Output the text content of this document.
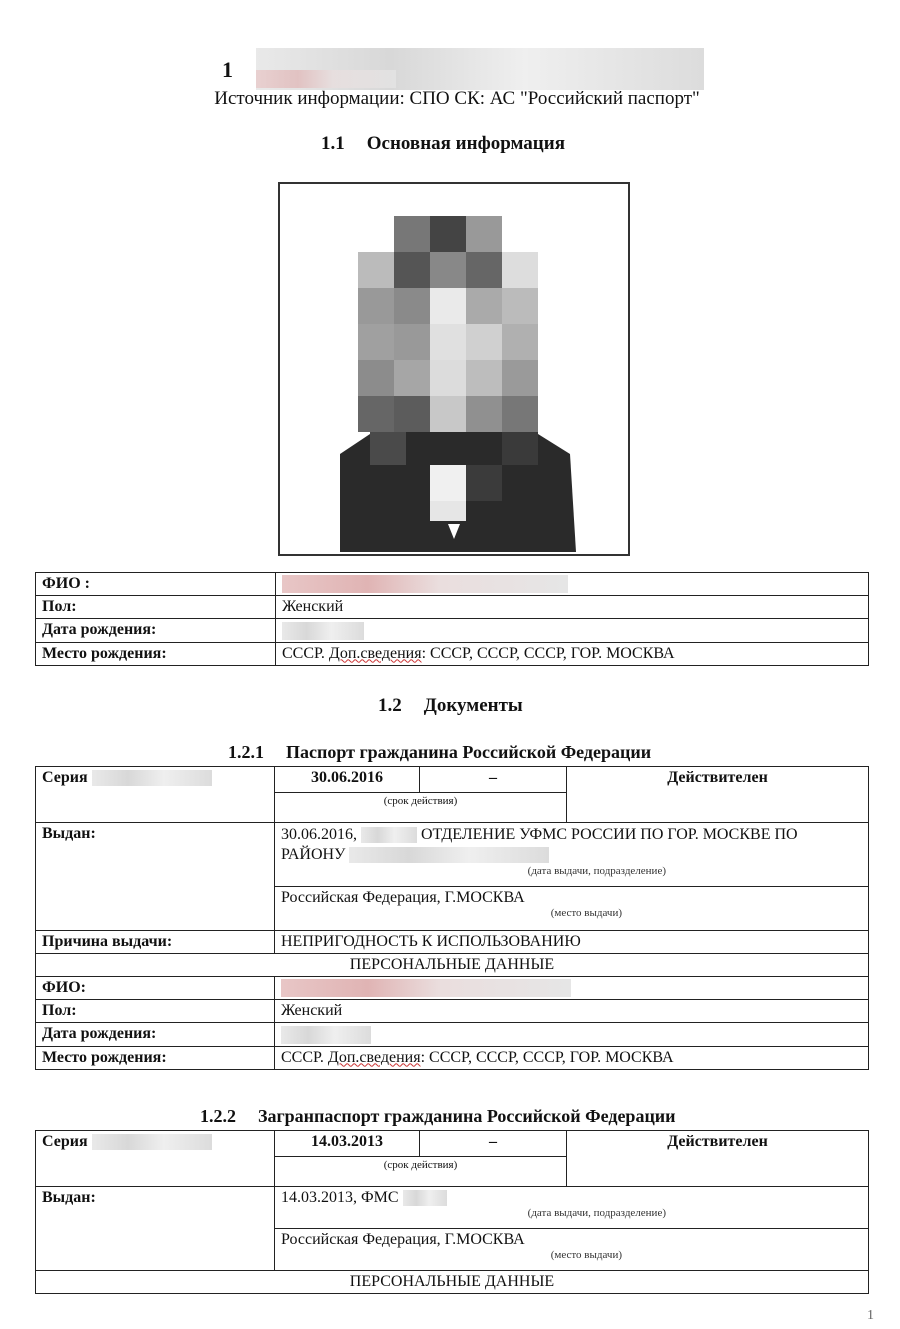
1
Источник информации: СПО СК: АС "Российский паспорт"
1.1 Основная информация
ФИО :	
Пол:	Женский
Дата рождения:	
Место рождения:	СССР. Доп.сведения: СССР, СССР, СССР, ГОР. МОСКВА
1.2 Документы
1.2.1 Паспорт гражданина Российской Федерации
Серия	30.06.2016	–	Действителен
	(срок действия)		
Выдан:	30.06.2016, ОТДЕЛЕНИЕ УФМС РОССИИ ПО ГОР. МОСКВЕ ПО
РАЙОНУ
(дата выдачи, подразделение)		

	Российская Федерация, Г.МОСКВА
(место выдачи)		

Причина выдачи:	НЕПРИГОДНОСТЬ К ИСПОЛЬЗОВАНИЮ		
ПЕРСОНАЛЬНЫЕ ДАННЫЕ			
ФИО:			
Пол:	Женский		
Дата рождения:			
Место рождения:	СССР. Доп.сведения: СССР, СССР, СССР, ГОР. МОСКВА		
1.2.2 Загранпаспорт гражданина Российской Федерации
Серия	14.03.2013	–	Действителен
	(срок действия)		
Выдан:	14.03.2013, ФМС
(дата выдачи, подразделение)		

	Российская Федерация, Г.МОСКВА
(место выдачи)		

ПЕРСОНАЛЬНЫЕ ДАННЫЕ			
1
